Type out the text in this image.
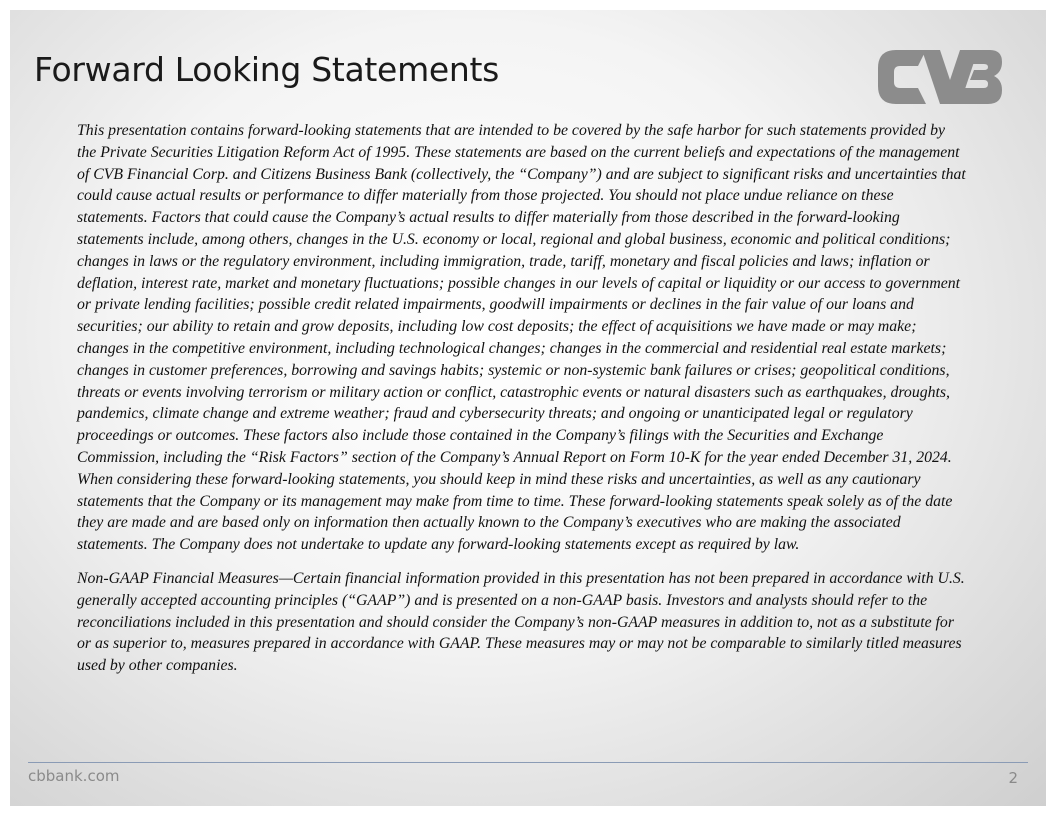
Forward Looking Statements

This presentation contains forward-looking statements that are intended to be covered by the safe harbor for such statements provided by the Private Securities Litigation Reform Act of 1995. These statements are based on the current beliefs and expectations of the management of CVB Financial Corp. and Citizens Business Bank (collectively, the “Company”) and are subject to significant risks and uncertainties that could cause actual results or performance to differ materially from those projected. You should not place undue reliance on these statements. Factors that could cause the Company’s actual results to differ materially from those described in the forward-looking statements include, among others, changes in the U.S. economy or local, regional and global business, economic and political conditions; changes in laws or the regulatory environment, including immigration, trade, tariff, monetary and fiscal policies and laws; inflation or deflation, interest rate, market and monetary fluctuations; possible changes in our levels of capital or liquidity or our access to government or private lending facilities; possible credit related impairments, goodwill impairments or declines in the fair value of our loans and securities; our ability to retain and grow deposits, including low cost deposits; the effect of acquisitions we have made or may make; changes in the competitive environment, including technological changes; changes in the commercial and residential real estate markets; changes in customer preferences, borrowing and savings habits; systemic or non-systemic bank failures or crises; geopolitical conditions, threats or events involving terrorism or military action or conflict, catastrophic events or natural disasters such as earthquakes, droughts, pandemics, climate change and extreme weather; fraud and cybersecurity threats; and ongoing or unanticipated legal or regulatory proceedings or outcomes. These factors also include those contained in the Company’s filings with the Securities and Exchange Commission, including the “Risk Factors” section of the Company’s Annual Report on Form 10-K for the year ended December 31, 2024. When considering these forward-looking statements, you should keep in mind these risks and uncertainties, as well as any cautionary statements that the Company or its management may make from time to time. These forward-looking statements speak solely as of the date they are made and are based only on information then actually known to the Company’s executives who are making the associated statements. The Company does not undertake to update any forward-looking statements except as required by law.

Non-GAAP Financial Measures—Certain financial information provided in this presentation has not been prepared in accordance with U.S. generally accepted accounting principles (“GAAP”) and is presented on a non-GAAP basis. Investors and analysts should refer to the reconciliations included in this presentation and should consider the Company’s non-GAAP measures in addition to, not as a substitute for or as superior to, measures prepared in accordance with GAAP. These measures may or may not be comparable to similarly titled measures used by other companies.

cbbank.com	2
